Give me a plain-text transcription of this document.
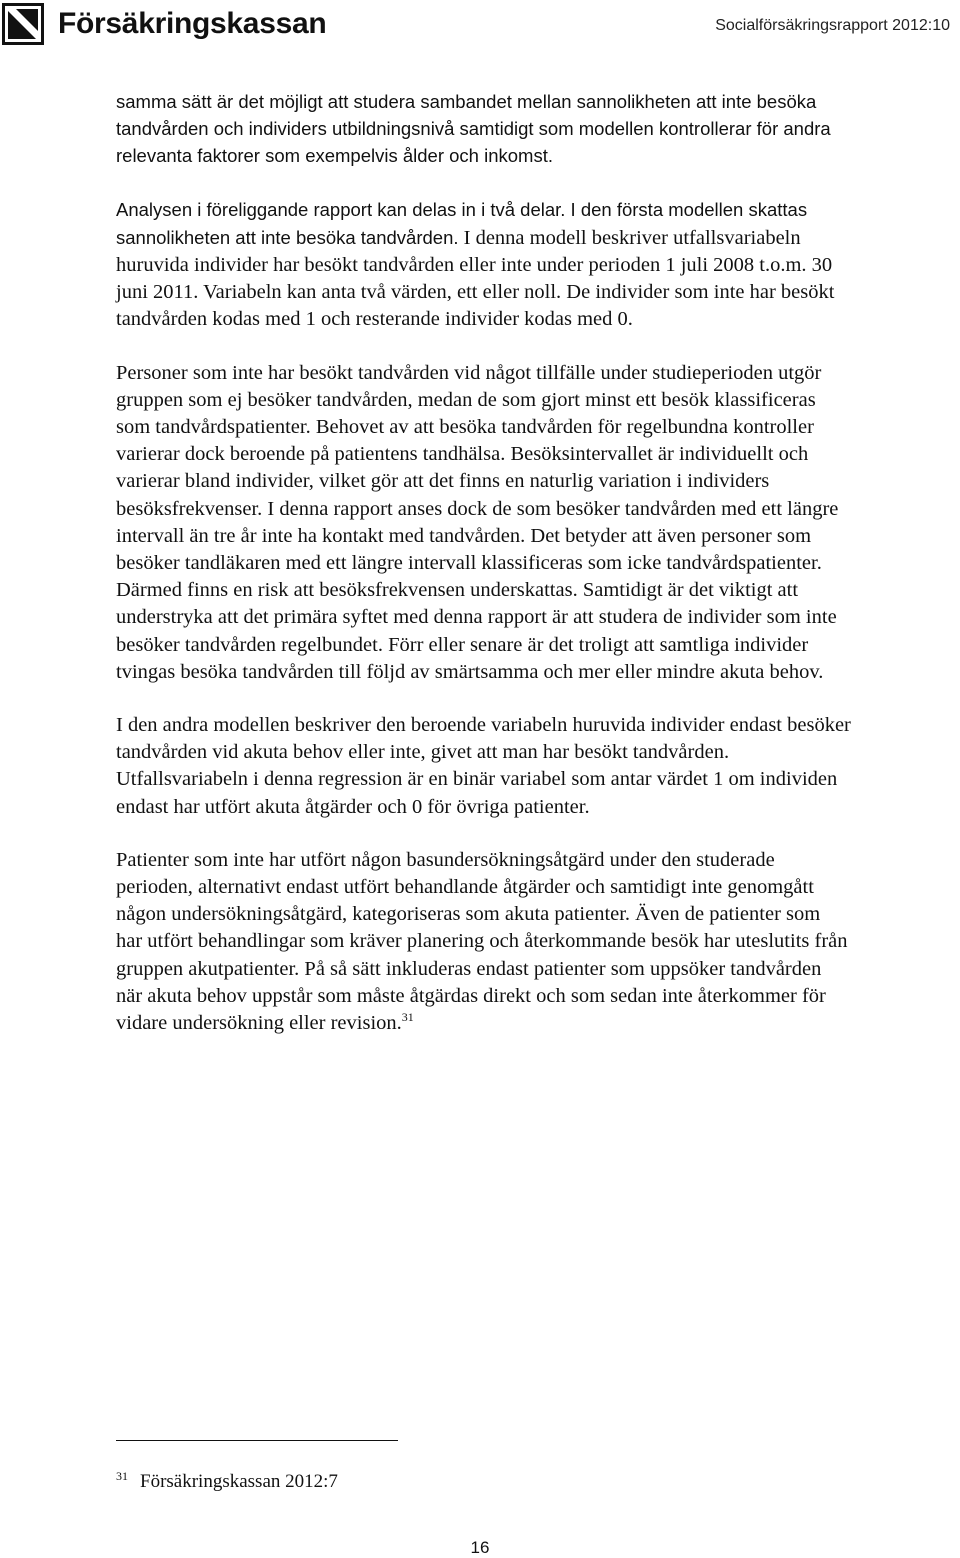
Försäkringskassan	Socialförsäkringsrapport 2012:10

samma sätt är det möjligt att studera sambandet mellan sannolikheten att inte besöka tandvården och individers utbildningsnivå samtidigt som modellen kontrollerar för andra relevanta faktorer som exempelvis ålder och inkomst.

Analysen i föreliggande rapport kan delas in i två delar. I den första modellen skattas sannolikheten att inte besöka tandvården. I denna modell beskriver utfallsvariabeln huruvida individer har besökt tandvården eller inte under perioden 1 juli 2008 t.o.m. 30 juni 2011. Variabeln kan anta två värden, ett eller noll. De individer som inte har besökt tandvården kodas med 1 och resterande individer kodas med 0.

Personer som inte har besökt tandvården vid något tillfälle under studieperioden utgör gruppen som ej besöker tandvården, medan de som gjort minst ett besök klassificeras som tandvårdspatienter. Behovet av att besöka tandvården för regelbundna kontroller varierar dock beroende på patientens tandhälsa. Besöksintervallet är individuellt och varierar bland individer, vilket gör att det finns en naturlig variation i individers besöksfrekvenser. I denna rapport anses dock de som besöker tandvården med ett längre intervall än tre år inte ha kontakt med tandvården. Det betyder att även personer som besöker tandläkaren med ett längre intervall klassificeras som icke tandvårdspatienter. Därmed finns en risk att besöksfrekvensen underskattas. Samtidigt är det viktigt att understryka att det primära syftet med denna rapport är att studera de individer som inte besöker tandvården regelbundet. Förr eller senare är det troligt att samtliga individer tvingas besöka tandvården till följd av smärtsamma och mer eller mindre akuta behov.

I den andra modellen beskriver den beroende variabeln huruvida individer endast besöker tandvården vid akuta behov eller inte, givet att man har besökt tandvården. Utfallsvariabeln i denna regression är en binär variabel som antar värdet 1 om individen endast har utfört akuta åtgärder och 0 för övriga patienter.

Patienter som inte har utfört någon basundersökningsåtgärd under den studerade perioden, alternativt endast utfört behandlande åtgärder och samtidigt inte genomgått någon undersökningsåtgärd, kategoriseras som akuta patienter. Även de patienter som har utfört behandlingar som kräver planering och återkommande besök har uteslutits från gruppen akutpatienter. På så sätt inkluderas endast patienter som uppsöker tandvården när akuta behov uppstår som måste åtgärdas direkt och som sedan inte återkommer för vidare undersökning eller revision.$^{31}$

$^{31}$ Försäkringskassan 2012:7
16
